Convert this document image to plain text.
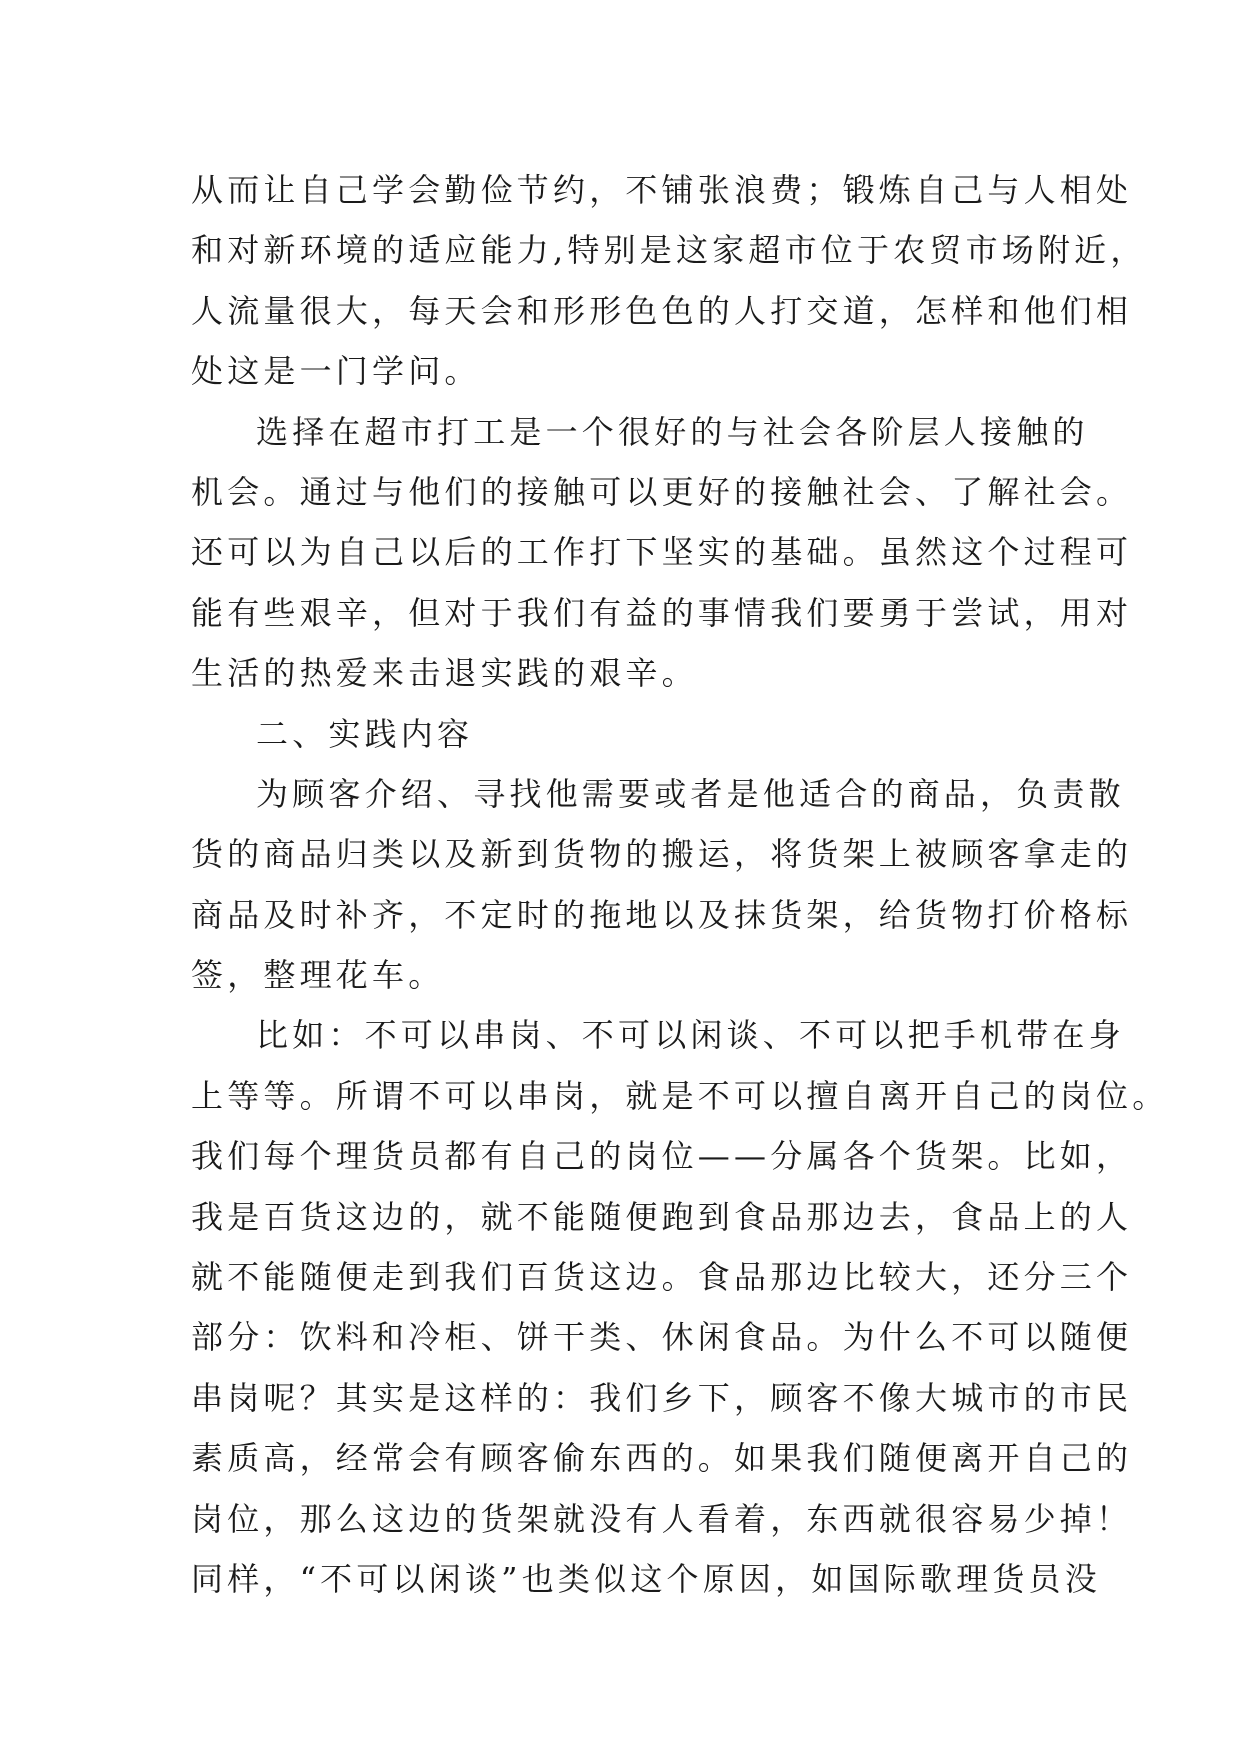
从而让自己学会勤俭节约，不铺张浪费；锻炼自己与人相处
和对新环境的适应能力,特别是这家超市位于农贸市场附近，
人流量很大，每天会和形形色色的人打交道，怎样和他们相
处这是一门学问。
选择在超市打工是一个很好的与社会各阶层人接触的
机会。通过与他们的接触可以更好的接触社会、了解社会。
还可以为自己以后的工作打下坚实的基础。虽然这个过程可
能有些艰辛，但对于我们有益的事情我们要勇于尝试，用对
生活的热爱来击退实践的艰辛。
二、实践内容
为顾客介绍、寻找他需要或者是他适合的商品，负责散
货的商品归类以及新到货物的搬运，将货架上被顾客拿走的
商品及时补齐，不定时的拖地以及抹货架，给货物打价格标
签，整理花车。
比如：不可以串岗、不可以闲谈、不可以把手机带在身
上等等。所谓不可以串岗，就是不可以擅自离开自己的岗位。
我们每个理货员都有自己的岗位——分属各个货架。比如，
我是百货这边的，就不能随便跑到食品那边去，食品上的人
就不能随便走到我们百货这边。食品那边比较大，还分三个
部分：饮料和冷柜、饼干类、休闲食品。为什么不可以随便
串岗呢？其实是这样的：我们乡下，顾客不像大城市的市民
素质高，经常会有顾客偷东西的。如果我们随便离开自己的
岗位，那么这边的货架就没有人看着，东西就很容易少掉！
同样，“不可以闲谈”也类似这个原因，如国际歌理货员没
